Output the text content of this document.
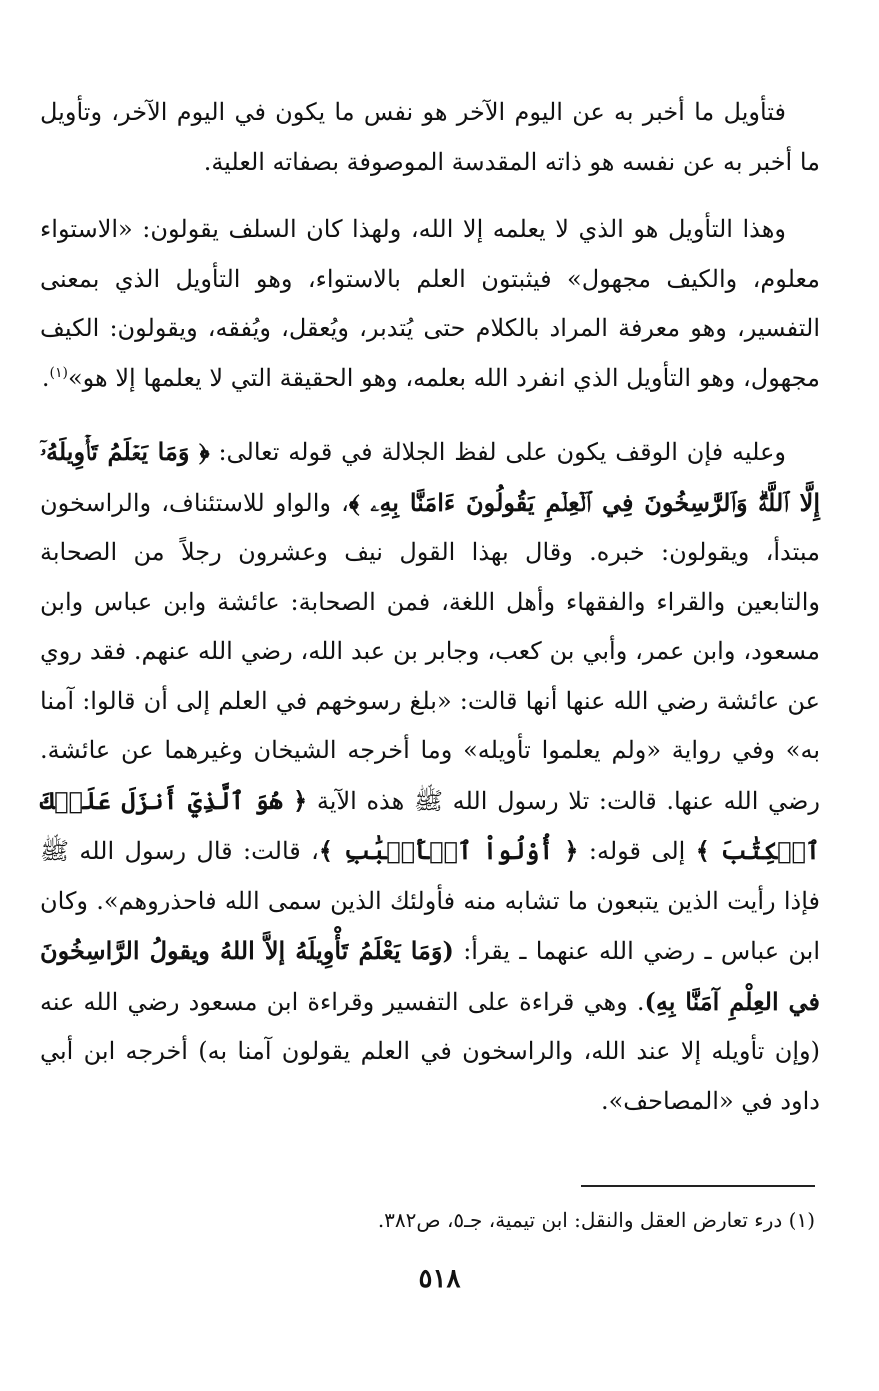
فتأويل ما أخبر به عن اليوم الآخر هو نفس ما يكون في اليوم الآخر، وتأويل ما أخبر به عن نفسه هو ذاته المقدسة الموصوفة بصفاته العلية.

وهذا التأويل هو الذي لا يعلمه إلا الله، ولهذا كان السلف يقولون: «الاستواء معلوم، والكيف مجهول» فيثبتون العلم بالاستواء، وهو التأويل الذي بمعنى التفسير، وهو معرفة المراد بالكلام حتى يُتدبر، ويُعقل، ويُفقه، ويقولون: الكيف مجهول، وهو التأويل الذي انفرد الله بعلمه، وهو الحقيقة التي لا يعلمها إلا هو»$^{(١)}$.

وعليه فإن الوقف يكون على لفظ الجلالة في قوله تعالى: ﴿ وَمَا يَعۡلَمُ تَأۡوِيلَهُۥٓ إِلَّا ٱللَّهُۗ وَٱلرَّٰسِخُونَ فِي ٱلۡعِلۡمِ يَقُولُونَ ءَامَنَّا بِهِۦ ﴾، والواو للاستئناف، والراسخون مبتدأ، ويقولون: خبره. وقال بهذا القول نيف وعشرون رجلاً من الصحابة والتابعين والقراء والفقهاء وأهل اللغة، فمن الصحابة: عائشة وابن عباس وابن مسعود، وابن عمر، وأبي بن كعب، وجابر بن عبد الله، رضي الله عنهم. فقد روي عن عائشة رضي الله عنها أنها قالت: «بلغ رسوخهم في العلم إلى أن قالوا: آمنا به» وفي رواية «ولم يعلموا تأويله» وما أخرجه الشيخان وغيرهما عن عائشة. رضي الله عنها. قالت: تلا رسول الله ﷺ هذه الآية ﴿ هُوَ ٱلَّذِيٓ أَنزَلَ عَلَيۡكَ ٱلۡكِتَٰبَ ﴾ إلى قوله: ﴿ أُوْلُواْ ٱلۡأَلۡبَٰبِ ﴾، قالت: قال رسول الله ﷺ فإذا رأيت الذين يتبعون ما تشابه منه فأولئك الذين سمى الله فاحذروهم». وكان ابن عباس ـ رضي الله عنهما ـ يقرأ: (وَمَا يَعْلَمُ تَأْوِيلَهُ إلاَّ اللهُ ويقولُ الرَّاسِخُونَ في العِلْمِ آمَنَّا بِهِ). وهي قراءة على التفسير وقراءة ابن مسعود رضي الله عنه (وإن تأويله إلا عند الله، والراسخون في العلم يقولون آمنا به) أخرجه ابن أبي داود في «المصاحف».

(١) درء تعارض العقل والنقل: ابن تيمية، جـ٥، ص٣٨٢.
٥١٨
